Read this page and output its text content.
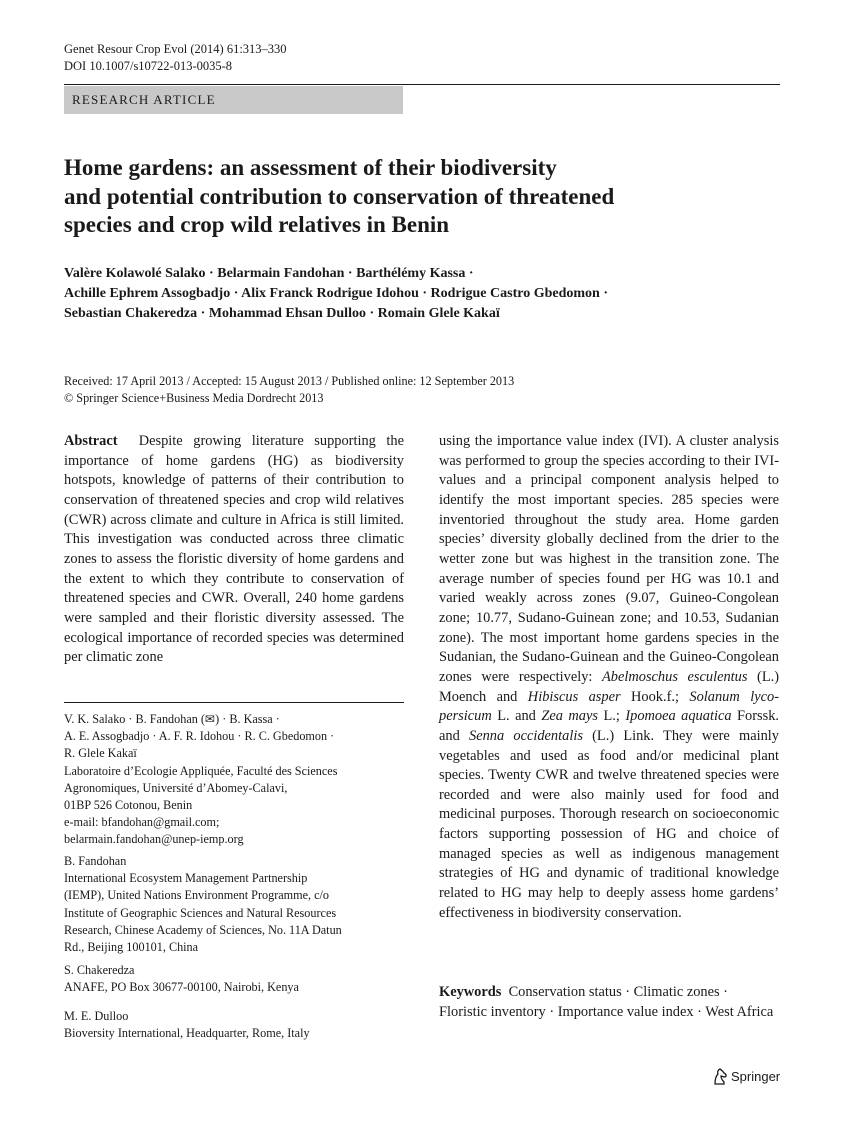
Genet Resour Crop Evol (2014) 61:313–330
DOI 10.1007/s10722-013-0035-8
RESEARCH ARTICLE
Home gardens: an assessment of their biodiversity
and potential contribution to conservation of threatened
species and crop wild relatives in Benin
Valère Kolawolé Salako · Belarmain Fandohan · Barthélémy Kassa ·
Achille Ephrem Assogbadjo · Alix Franck Rodrigue Idohou · Rodrigue Castro Gbedomon ·
Sebastian Chakeredza · Mohammad Ehsan Dulloo · Romain Glele Kakaï
Received: 17 April 2013 / Accepted: 15 August 2013 / Published online: 12 September 2013
© Springer Science+Business Media Dordrecht 2013
Abstract Despite growing literature supporting the importance of home gardens (HG) as biodiversity hotspots, knowledge of patterns of their contribution to conservation of threatened species and crop wild relatives (CWR) across climate and culture in Africa is still limited. This investigation was conducted across three climatic zones to assess the floristic diversity of home gardens and the extent to which they contribute to conservation of threatened species and CWR. Overall, 240 home gardens were sampled and their floristic diversity assessed. The ecological importance of recorded species was determined per climatic zone
V. K. Salako · B. Fandohan (✉) · B. Kassa ·
A. E. Assogbadjo · A. F. R. Idohou · R. C. Gbedomon ·
R. Glele Kakaï
Laboratoire d’Ecologie Appliquée, Faculté des Sciences
Agronomiques, Université d’Abomey-Calavi,
01BP 526 Cotonou, Benin
e-mail: bfandohan@gmail.com;
belarmain.fandohan@unep-iemp.org
B. Fandohan
International Ecosystem Management Partnership
(IEMP), United Nations Environment Programme, c/o
Institute of Geographic Sciences and Natural Resources
Research, Chinese Academy of Sciences, No. 11A Datun
Rd., Beijing 100101, China
S. Chakeredza
ANAFE, PO Box 30677-00100, Nairobi, Kenya
M. E. Dulloo
Bioversity International, Headquarter, Rome, Italy
using the importance value index (IVI). A cluster analysis was performed to group the species according to their IVI-values and a principal component analysis helped to identify the most important species. 285 species were inventoried throughout the study area. Home garden species’ diversity globally declined from the drier to the wetter zone but was highest in the transition zone. The average number of species found per HG was 10.1 and varied weakly across zones (9.07, Guineo-Congolean zone; 10.77, Sudano-Guinean zone; and 10.53, Sudanian zone). The most important home gardens species in the Sudanian, the Sudano-Guinean and the Guineo-Congolean zones were respectively: Abelmoschus esculentus (L.) Moench and Hibiscus asper Hook.f.; Solanum lycopersicum L. and Zea mays L.; Ipomoea aquatica Forssk. and Senna occidentalis (L.) Link. They were mainly vegetables and used as food and/or medicinal plant species. Twenty CWR and twelve threatened species were recorded and were also mainly used for food and medicinal purposes. Thorough research on socioeconomic factors supporting possession of HG and choice of managed species as well as indigenous management strategies of HG and dynamic of traditional knowledge related to HG may help to deeply assess home gardens’ effectiveness in biodiversity conservation.
Keywords Conservation status · Climatic zones · Floristic inventory · Importance value index · West Africa
Springer
